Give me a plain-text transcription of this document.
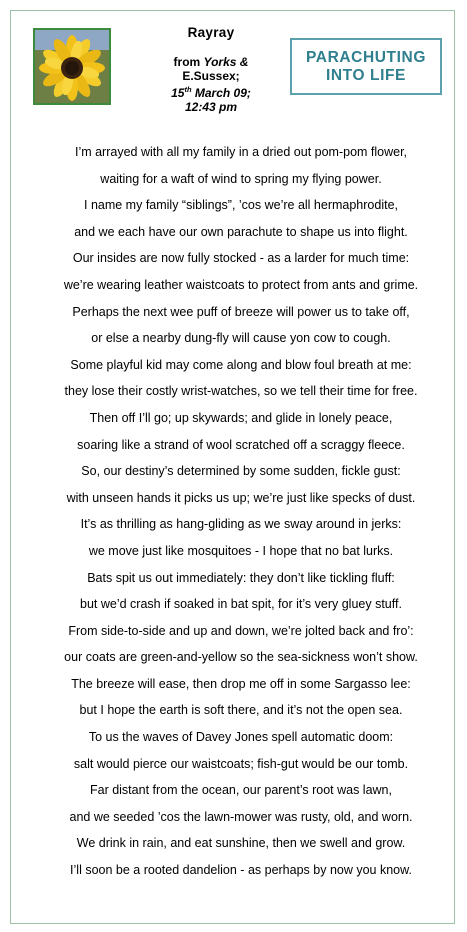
Rayray
from Yorks &
E.Sussex;
15th March 09;
12:43 pm
PARACHUTING
INTO LIFE
I’m arrayed with all my family in a dried out pom-pom flower,
waiting for a waft of wind to spring my flying power.
I name my family “siblings”, ’cos we’re all hermaphrodite,
and we each have our own parachute to shape us into flight.
Our insides are now fully stocked - as a larder for much time:
we’re wearing leather waistcoats to protect from ants and grime.
Perhaps the next wee puff of breeze will power us to take off,
or else a nearby dung-fly will cause yon cow to cough.
Some playful kid may come along and blow foul breath at me:
they lose their costly wrist-watches, so we tell their time for free.
Then off I’ll go; up skywards; and glide in lonely peace,
soaring like a strand of wool scratched off a scraggy fleece.
So, our destiny’s determined by some sudden, fickle gust:
with unseen hands it picks us up; we’re just like specks of dust.
It’s as thrilling as hang-gliding as we sway around in jerks:
we move just like mosquitoes - I hope that no bat lurks.
Bats spit us out immediately: they don’t like tickling fluff:
but we’d crash if soaked in bat spit, for it’s very gluey stuff.
From side-to-side and up and down, we’re jolted back and fro’:
our coats are green-and-yellow so the sea-sickness won’t show.
The breeze will ease, then drop me off in some Sargasso lee:
but I hope the earth is soft there, and it’s not the open sea.
To us the waves of Davey Jones spell automatic doom:
salt would pierce our waistcoats; fish-gut would be our tomb.
Far distant from the ocean, our parent’s root was lawn,
and we seeded ’cos the lawn-mower was rusty, old, and worn.
We drink in rain, and eat sunshine, then we swell and grow.
I’ll soon be a rooted dandelion - as perhaps by now you know.
